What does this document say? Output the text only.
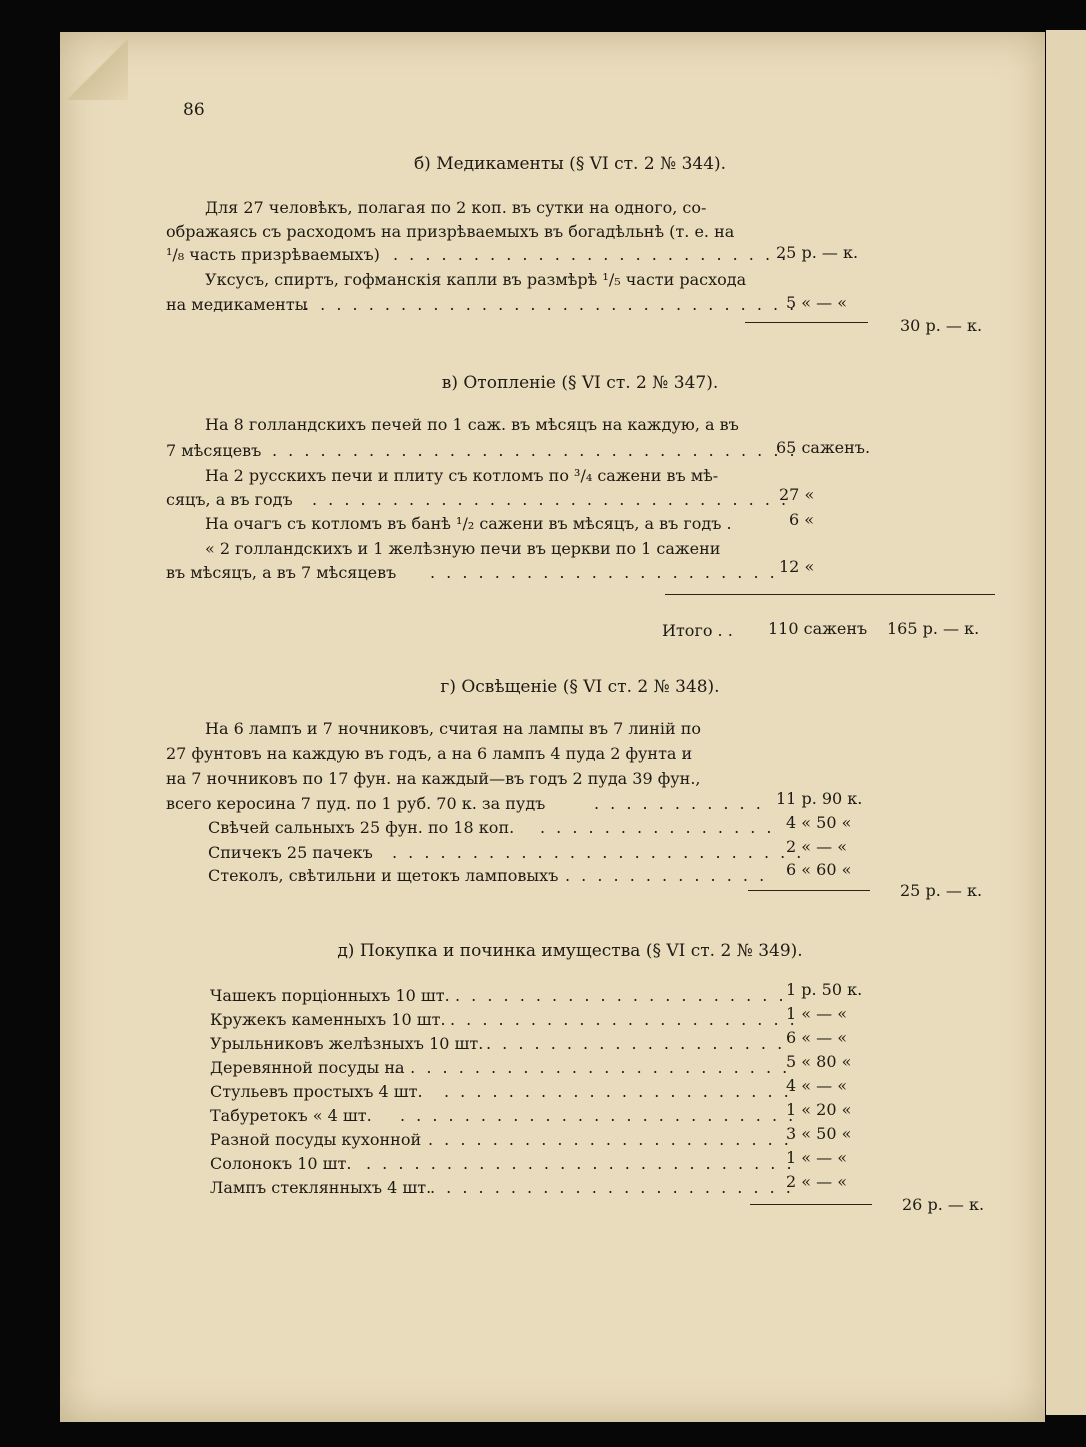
86
б) Медикаменты (§ VI ст. 2 № 344).
Для 27 человѣкъ, полагая по 2 коп. въ сутки на одного, со-
ображаясь съ расходомъ на призрѣваемыхъ въ богадѣльнѣ (т. е. на
¹/₈ часть призрѣваемыхъ) . . . . . . . . . . . . . . . . . . . . . . . . .
25 р. — к.
Уксусъ, спиртъ, гофманскія капли въ размѣрѣ ¹/₅ части расхода
на медикаменты
. . . . . . . . . . . . . . . . . . . . . . . . . . . . . . .
5 « — «
30 р. — к.
в) Отопленіе (§ VI ст. 2 № 347).
На 8 голландскихъ печей по 1 саж. въ мѣсяцъ на каждую, а въ
7 мѣсяцевъ . . . . . . . . . . . . . . . . . . . . . . . . . . . . . . . . .
65 саженъ.
На 2 русскихъ печи и плиту съ котломъ по ³/₄ сажени въ мѣ-
сяцъ, а въ годъ . . . . . . . . . . . . . . . . . . . . . . . . . . . . . .
27 «
На очагъ съ котломъ въ банѣ ¹/₂ сажени въ мѣсяцъ, а въ годъ .	6 «
« 2 голландскихъ и 1 желѣзную печи въ церкви по 1 сажени
въ мѣсяцъ, а въ 7 мѣсяцевъ . . . . . . . . . . . . . . . . . . . . . . 12 «
Итого . . 110 саженъ 165 р. — к.
г) Освѣщеніе (§ VI ст. 2 № 348).
На 6 лампъ и 7 ночниковъ, считая на лампы въ 7 линій по
27 фунтовъ на каждую въ годъ, а на 6 лампъ 4 пуда 2 фунта и
на 7 ночниковъ по 17 фун. на каждый—въ годъ 2 пуда 39 фун.,
всего керосина 7 пуд. по 1 руб. 70 к. за пудъ	. . . . . . . . . . . 11 р. 90 к.
Свѣчей сальныхъ 25 фун. по 18 коп. . . . . . . . . . . . . . . . 4 « 50 «
Спичекъ 25 пачекъ . . . . . . . . . . . . . . . . . . . . . . . . . .
2 « — «
Стеколъ, свѣтильни и щетокъ ламповыхъ . . . . . . . . . . . . . 6 « 60 «
25 р. — к.
д) Покупка и починка имущества (§ VI ст. 2 № 349).
Чашекъ порціонныхъ 10 шт. . . . . . . . . . . . . . . . . . . . . . 1 р. 50 к.
Кружекъ каменныхъ 10 шт. . . . . . . . . . . . . . . . . . . . . . .
1 « — «
Урыльниковъ желѣзныхъ 10 шт. . . . . . . . . . . . . . . . . . . . 6 « — «
Деревянной посуды на
. . . . . . . . . . . . . . . . . . . . . . . . .
5 « 80 «
Стульевъ простыхъ 4 шт. . . . . . . . . . . . . . . . . . . . . . .
4 « — «
Табуретокъ « 4 шт. . . . . . . . . . . . . . . . . . . . . . . . . .
1 « 20 «
Разной посуды кухонной . . . . . . . . . . . . . . . . . . . . . . .
3 « 50 «
Солонокъ 10 шт. . . . . . . . . . . . . . . . . . . . . . . . . . . .
1 « — «
Лампъ стеклянныхъ 4 шт.
. . . . . . . . . . . . . . . . . . . . . . .
2 « — «
26 р. — к.
